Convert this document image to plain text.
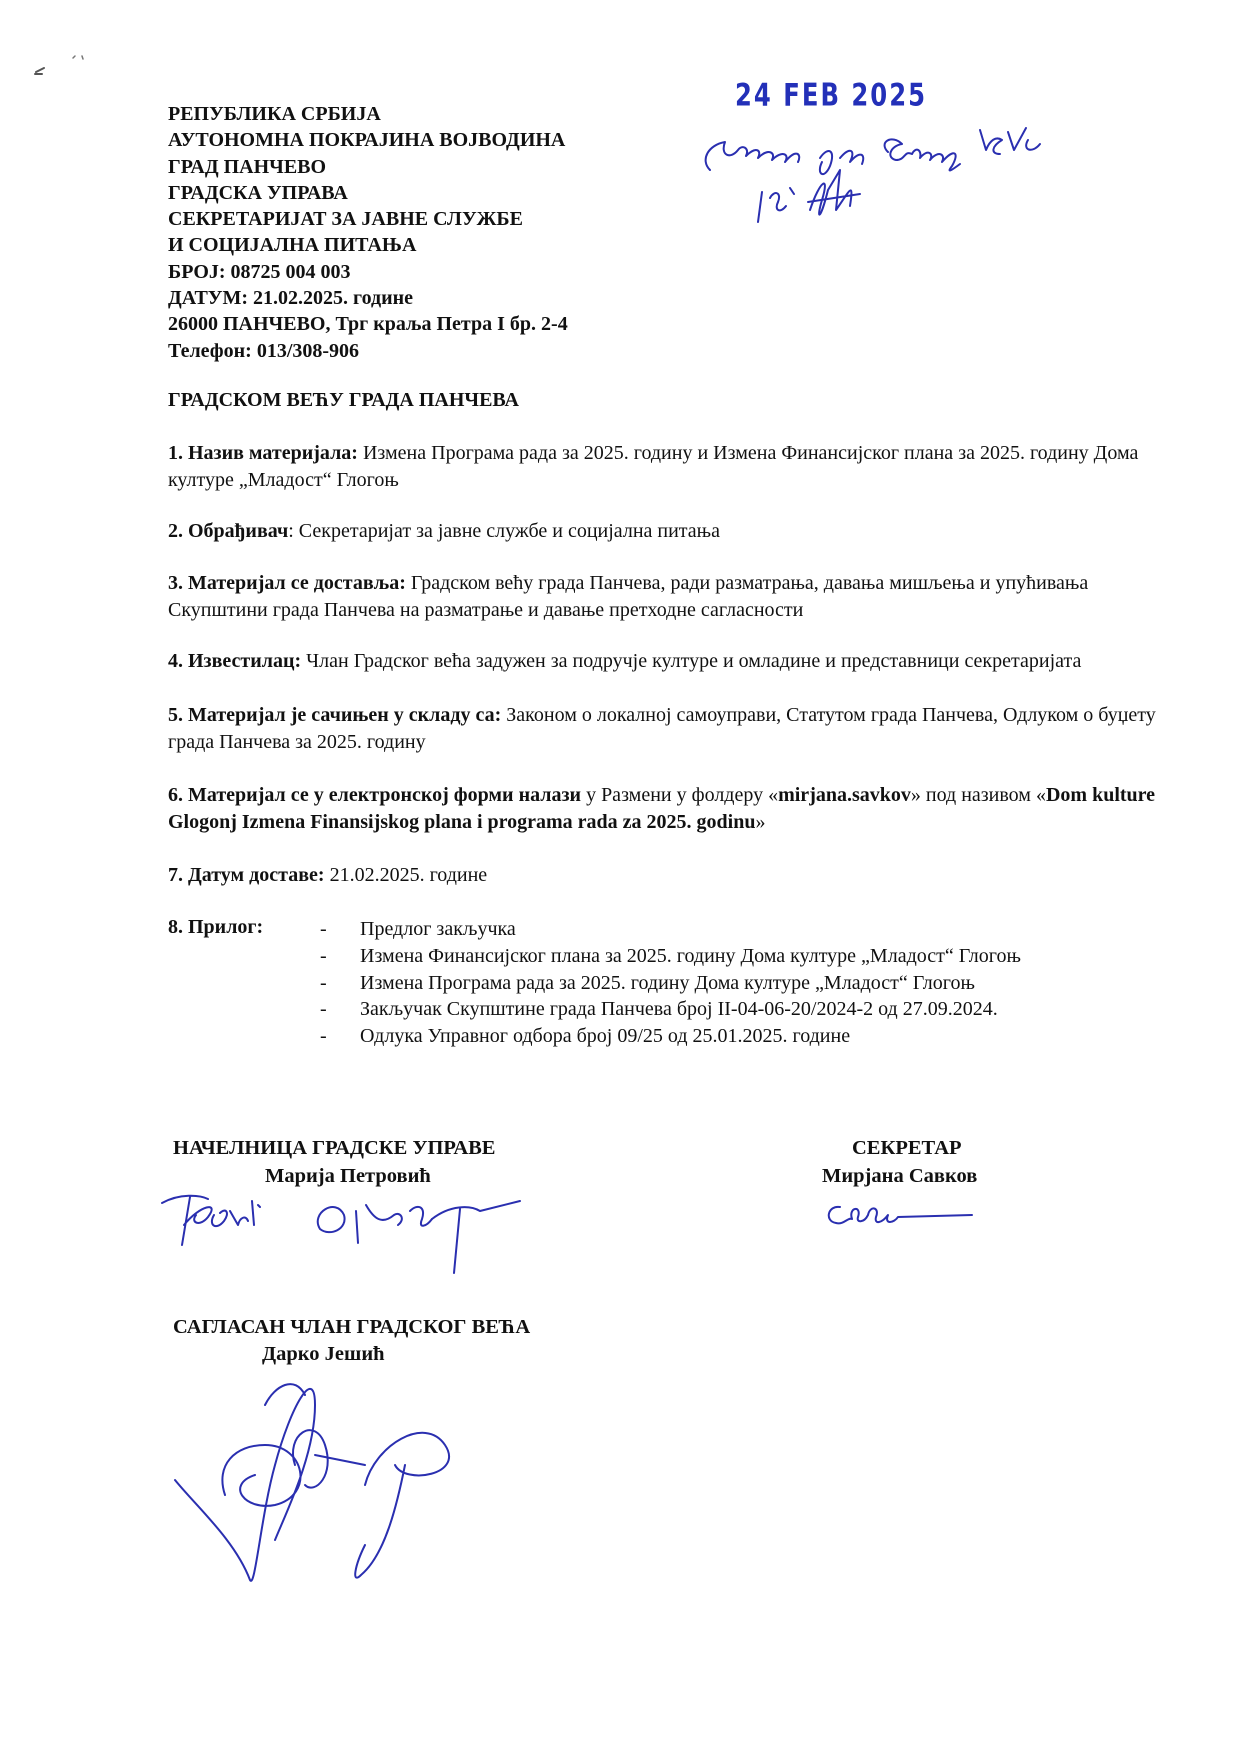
24 FEB 2025
РЕПУБЛИКА СРБИЈА
АУТОНОМНА ПОКРАЈИНА ВОЈВОДИНА
ГРАД ПАНЧЕВО
ГРАДСКА УПРАВА
СЕКРЕТАРИЈАТ ЗА ЈАВНЕ СЛУЖБЕ
И СОЦИЈАЛНА ПИТАЊА
БРОЈ: 08725 004 003
ДАТУМ: 21.02.2025. године
26000 ПАНЧЕВО, Трг краља Петра I бр. 2-4
Телефон: 013/308-906
ГРАДСКОМ ВЕЋУ ГРАДА ПАНЧЕВА
1. Назив материјала: Измена Програма рада за 2025. годину и Измена Финансијског плана за 2025. годину Дома културе „Младост“ Глогоњ
2. Обрађивач: Секретаријат за јавне службе и социјална питања
3. Материјал се доставља: Градском већу града Панчева, ради разматрања, давања мишљења и упућивања Скупштини града Панчева на разматрање и давање претходне сагласности
4. Известилац: Члан Градског већа задужен за подручје културе и омладине и представници секретаријата
5. Материјал је сачињен у складу са: Законом о локалној самоуправи, Статутом града Панчева, Одлуком о буџету града Панчева за 2025. годину
6. Материјал се у електронској форми налази у Размени у фолдеру «mirjana.savkov» под називом «Dom kulture Glogonj Izmena Finansijskog plana i programa rada za 2025. godinu»
7. Датум доставе: 21.02.2025. године
8. Прилог:	- Предлог закључка
- Измена Финансијског плана за 2025. годину Дома културе „Младост“ Глогоњ
- Измена Програма рада за 2025. годину Дома културе „Младост“ Глогоњ
- Закључак Скупштине града Панчева број II-04-06-20/2024-2 од 27.09.2024.
- Одлука Управног одбора број 09/25 од 25.01.2025. године
НАЧЕЛНИЦА ГРАДСКЕ УПРАВЕ
Марија Петровић
СЕКРЕТАР
Мирјана Савков
САГЛАСАН ЧЛАН ГРАДСКОГ ВЕЋА
Дарко Јешић
